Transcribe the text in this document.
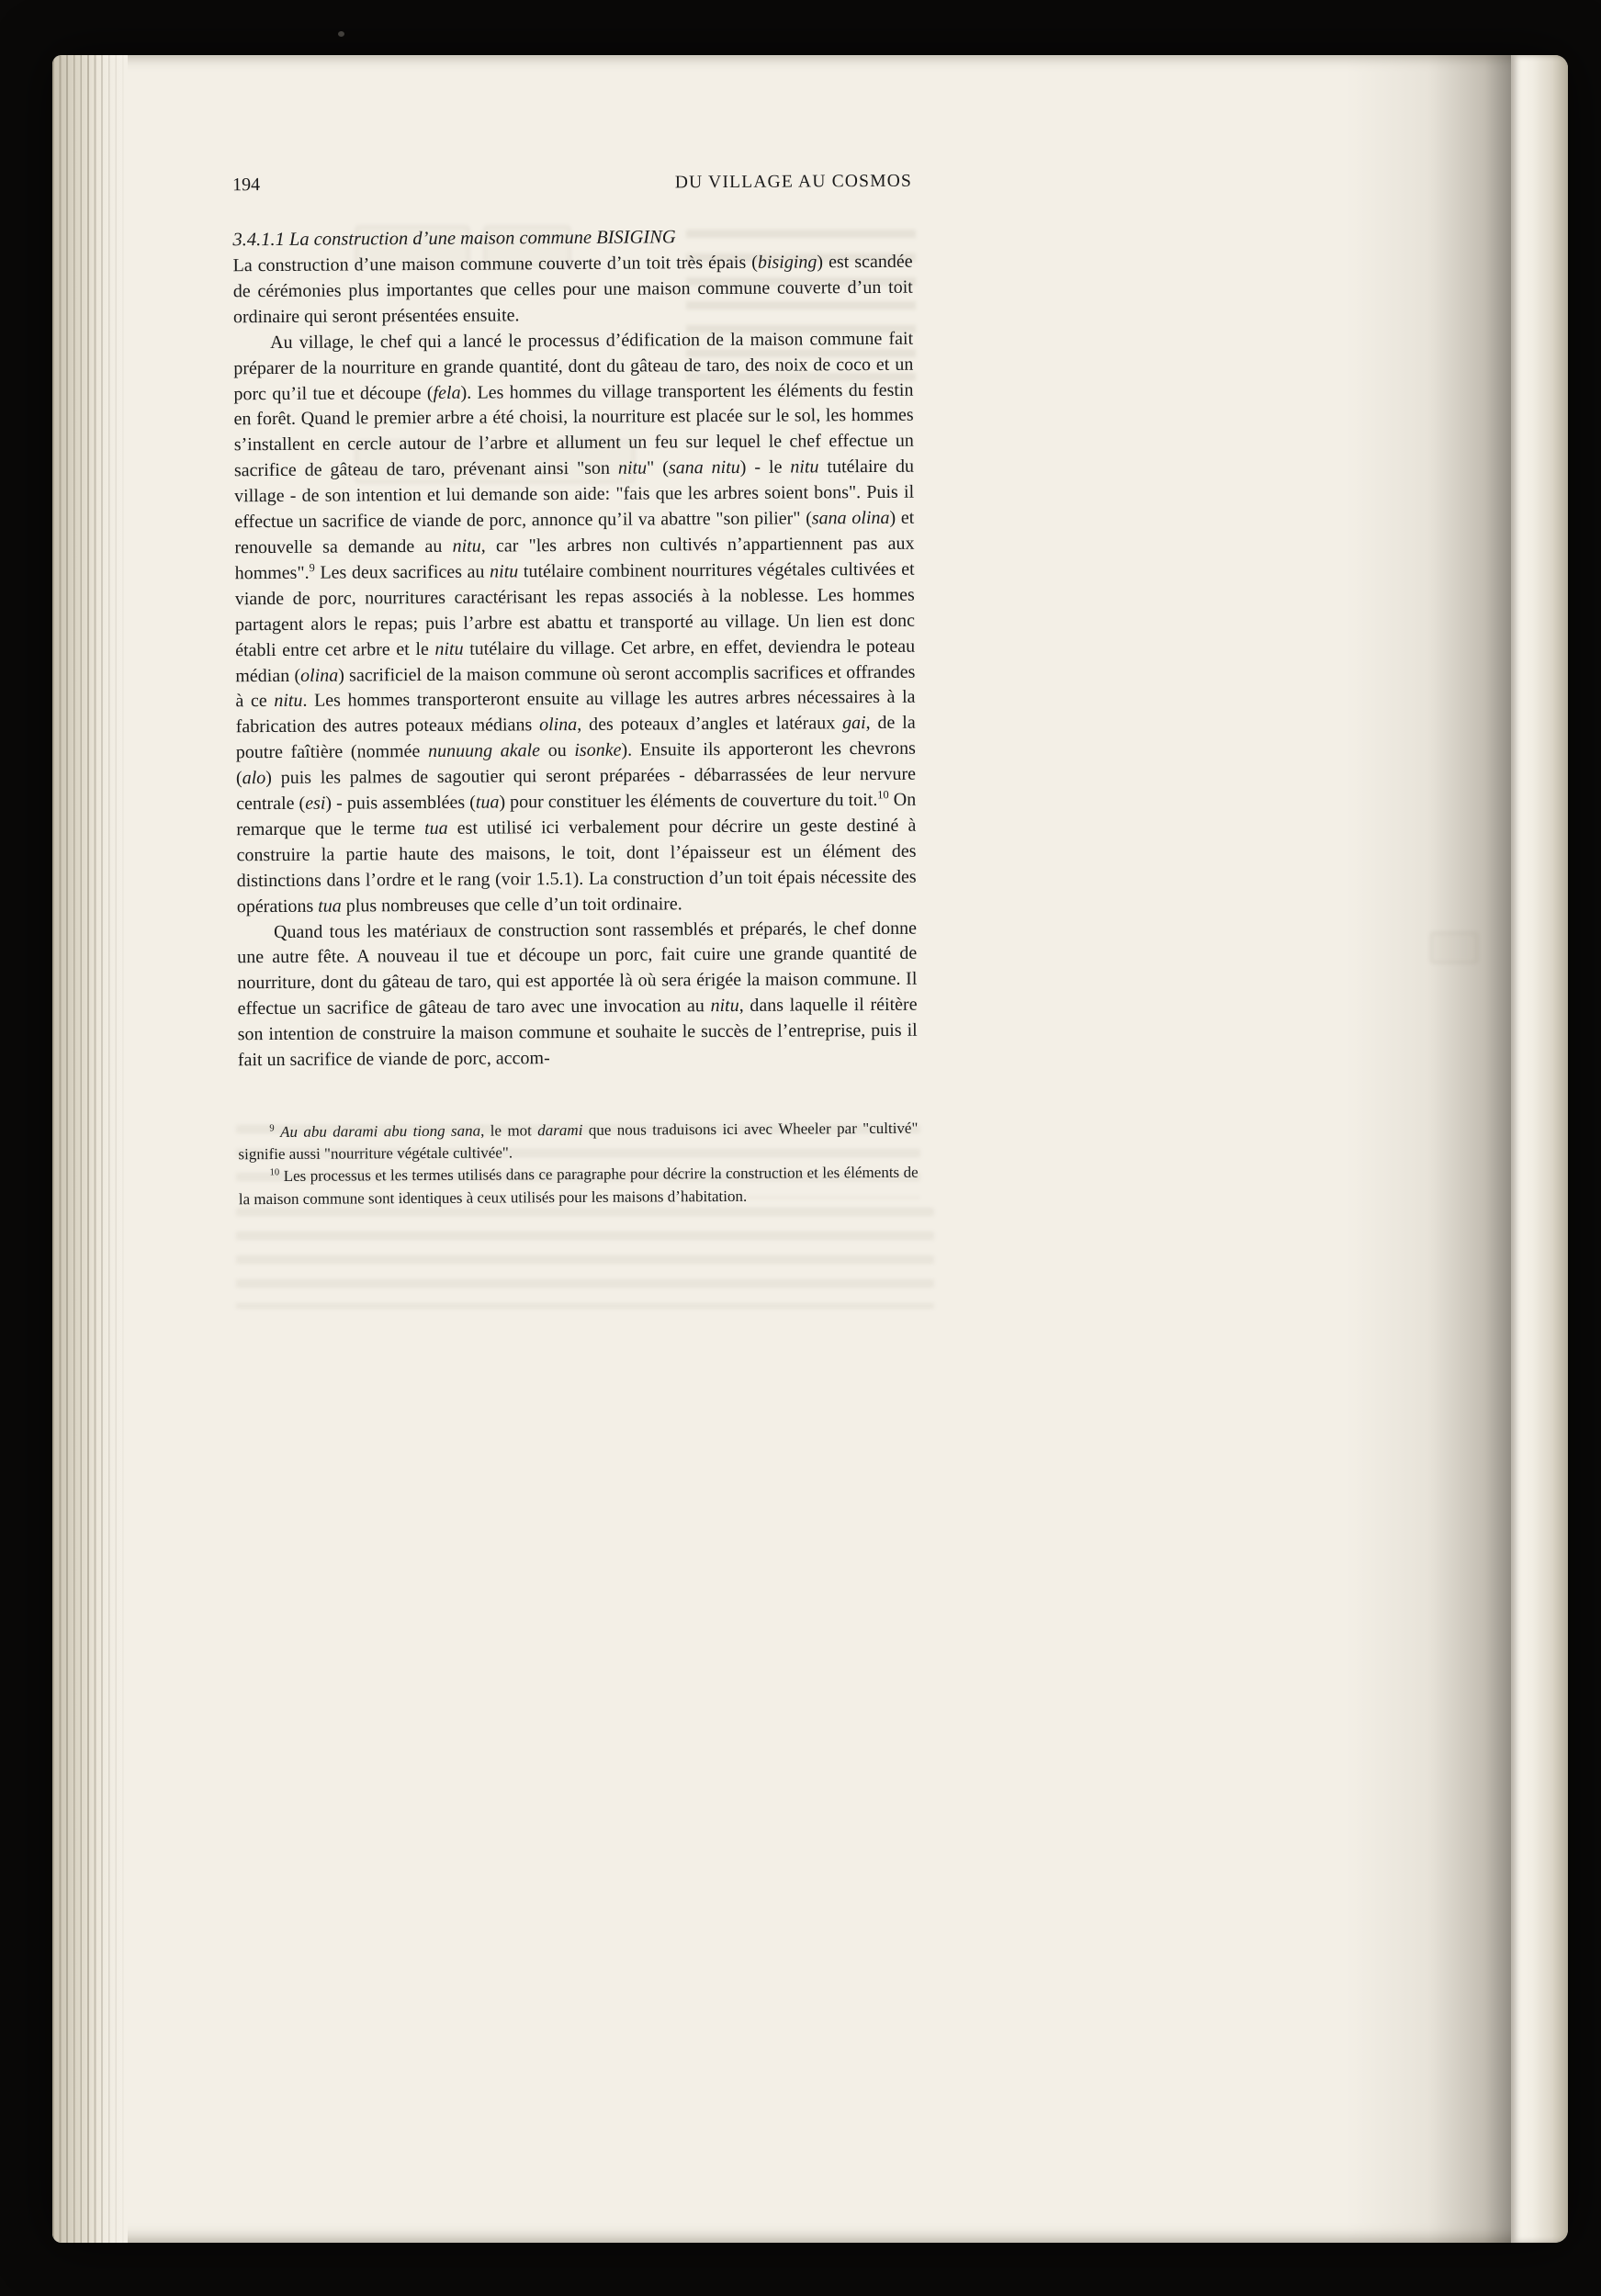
194	DU VILLAGE AU COSMOS
3.4.1.1 La construction d’une maison commune BISIGING

La construction d’une maison commune couverte d’un toit très épais (bisiging) est scandée de cérémonies plus importantes que celles pour une maison commune couverte d’un toit ordinaire qui seront présentées ensuite.

Au village, le chef qui a lancé le processus d’édification de la maison commune fait préparer de la nourriture en grande quantité, dont du gâteau de taro, des noix de coco et un porc qu’il tue et découpe (fela). Les hommes du village transportent les éléments du festin en forêt. Quand le premier arbre a été choisi, la nourriture est placée sur le sol, les hommes s’installent en cercle autour de l’arbre et allument un feu sur lequel le chef effectue un sacrifice de gâteau de taro, prévenant ainsi "son nitu" (sana nitu) - le nitu tutélaire du village - de son intention et lui demande son aide: "fais que les arbres soient bons". Puis il effectue un sacrifice de viande de porc, annonce qu’il va abattre "son pilier" (sana olina) et renouvelle sa demande au nitu, car "les arbres non cultivés n’appartiennent pas aux hommes".$^9$ Les deux sacrifices au nitu tutélaire combinent nourritures végétales cultivées et viande de porc, nourritures caractérisant les repas associés à la noblesse. Les hommes partagent alors le repas; puis l’arbre est abattu et transporté au village. Un lien est donc établi entre cet arbre et le nitu tutélaire du village. Cet arbre, en effet, deviendra le poteau médian (olina) sacrificiel de la maison commune où seront accomplis sacrifices et offrandes à ce nitu. Les hommes transporteront ensuite au village les autres arbres nécessaires à la fabrication des autres poteaux médians olina, des poteaux d’angles et latéraux gai, de la poutre faîtière (nommée nunuung akale ou isonke). Ensuite ils apporteront les chevrons (alo) puis les palmes de sagoutier qui seront préparées - débarrassées de leur nervure centrale (esi) - puis assemblées (tua) pour constituer les éléments de couverture du toit.$^{10}$ On remarque que le terme tua est utilisé ici verbalement pour décrire un geste destiné à construire la partie haute des maisons, le toit, dont l’épaisseur est un élément des distinctions dans l’ordre et le rang (voir 1.5.1). La construction d’un toit épais nécessite des opérations tua plus nombreuses que celle d’un toit ordinaire.

Quand tous les matériaux de construction sont rassemblés et préparés, le chef donne une autre fête. A nouveau il tue et découpe un porc, fait cuire une grande quantité de nourriture, dont du gâteau de taro, qui est apportée là où sera érigée la maison commune. Il effectue un sacrifice de gâteau de taro avec une invocation au nitu, dans laquelle il réitère son intention de construire la maison commune et souhaite le succès de l’entreprise, puis il fait un sacrifice de viande de porc, accom-

$^9$ Au abu darami abu tiong sana, le mot darami que nous traduisons ici avec Wheeler par "cultivé" signifie aussi "nourriture végétale cultivée".

$^{10}$ Les processus et les termes utilisés dans ce paragraphe pour décrire la construction et les éléments de la maison commune sont identiques à ceux utilisés pour les maisons d’habitation.
